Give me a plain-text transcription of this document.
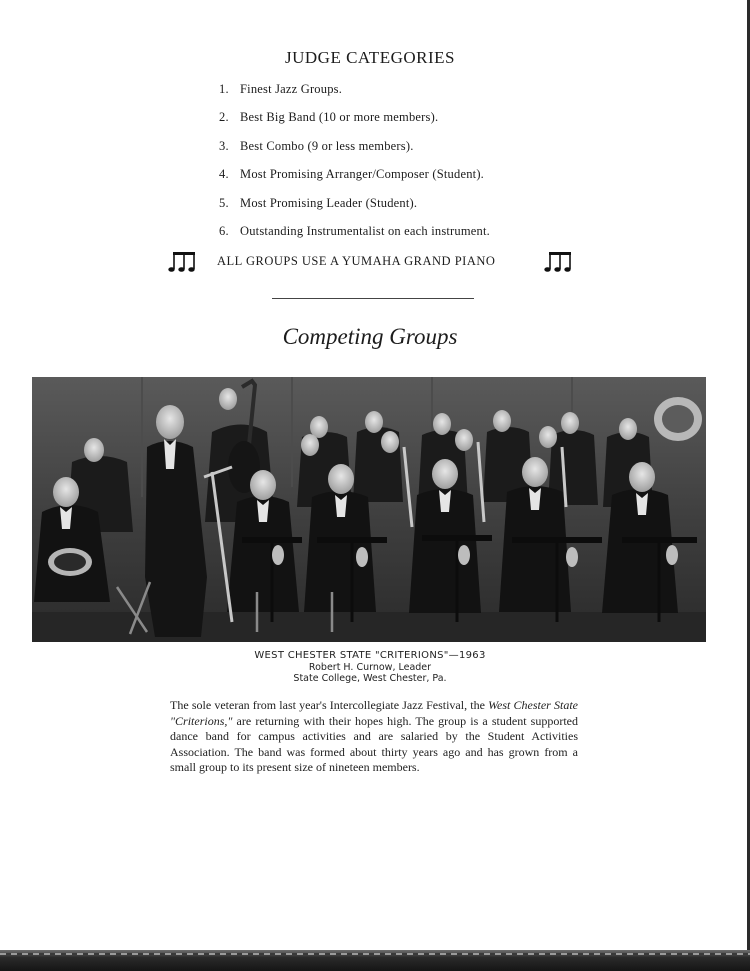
JUDGE CATEGORIES
1. Finest Jazz Groups.
2. Best Big Band (10 or more members).
3. Best Combo (9 or less members).
4. Most Promising Arranger/Composer (Student).
5. Most Promising Leader (Student).
6. Outstanding Instrumentalist on each instrument.
ALL GROUPS USE A YUMAHA GRAND PIANO
Competing Groups
WEST CHESTER STATE "CRITERIONS"—1963
Robert H. Curnow, Leader
State College, West Chester, Pa.
The sole veteran from last year's Intercollegiate Jazz Festival, the West Chester State "Criterions," are returning with their hopes high. The group is a student supported dance band for campus activities and are salaried by the Student Activities Association. The band was formed about thirty years ago and has grown from a small group to its present size of nineteen members.
